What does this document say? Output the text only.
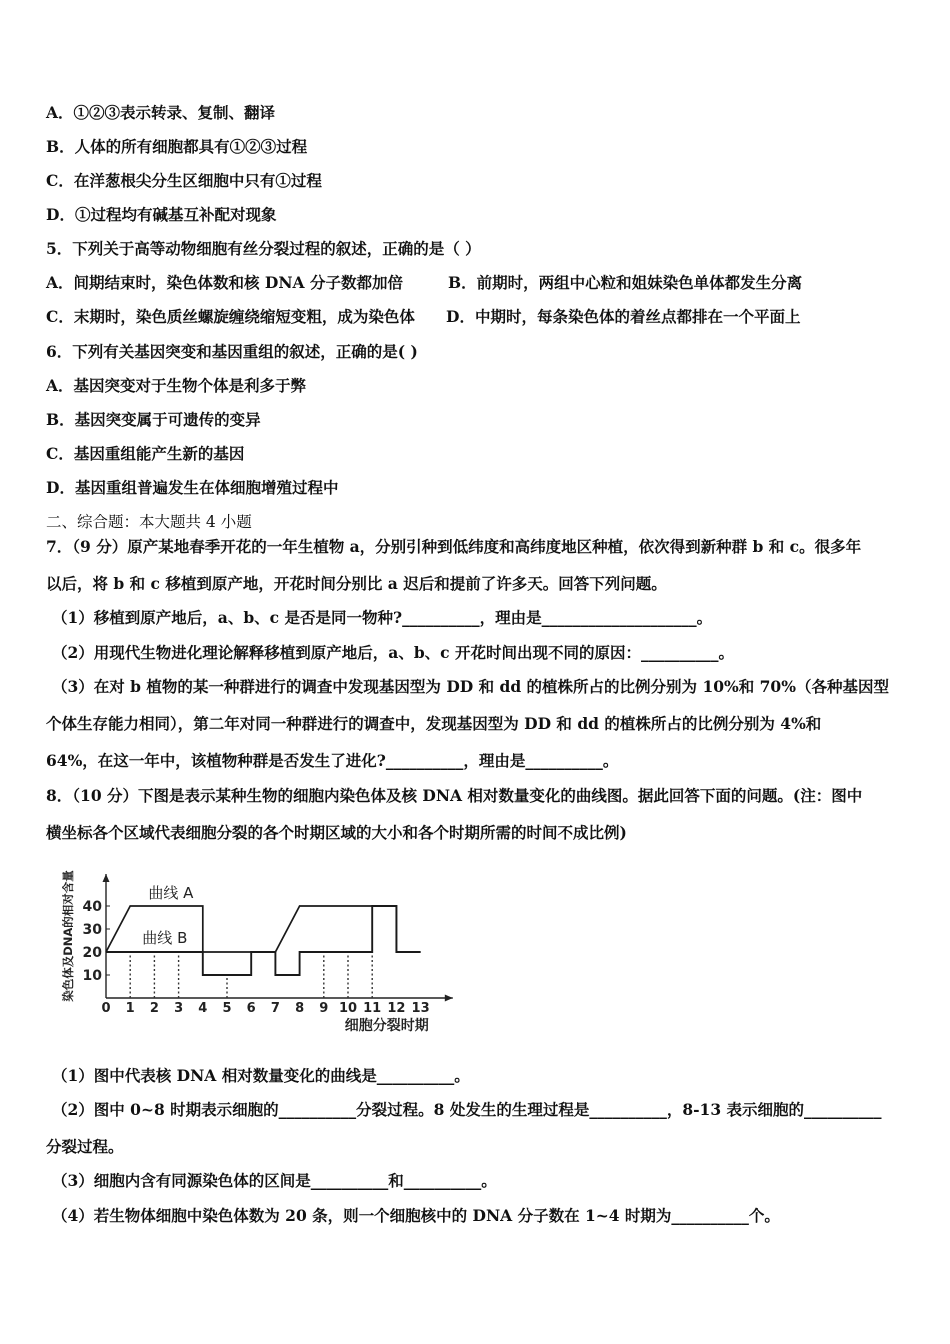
A．①②③表示转录、复制、翻译
B．人体的所有细胞都具有①②③过程
C．在洋葱根尖分生区细胞中只有①过程
D．①过程均有碱基互补配对现象
5．下列关于高等动物细胞有丝分裂过程的叙述，正确的是（ ）
A．间期结束时，染色体数和核 DNA 分子数都加倍	B．前期时，两组中心粒和姐妹染色单体都发生分离
C．末期时，染色质丝螺旋缠绕缩短变粗，成为染色体 D．中期时，每条染色体的着丝点都排在一个平面上
6．下列有关基因突变和基因重组的叙述，正确的是( )
A．基因突变对于生物个体是利多于弊
B．基因突变属于可遗传的变异
C．基因重组能产生新的基因
D．基因重组普遍发生在体细胞增殖过程中
二、综合题：本大题共 4 小题
7．（9 分）原产某地春季开花的一年生植物 a，分别引种到低纬度和高纬度地区种植，依次得到新种群 b 和 c。很多年
以后，将 b 和 c 移植到原产地，开花时间分别比 a 迟后和提前了许多天。回答下列问题。
（1）移植到原产地后，a、b、c 是否是同一物种?__________，理由是____________________。
（2）用现代生物进化理论解释移植到原产地后，a、b、c 开花时间出现不同的原因：__________。
（3）在对 b 植物的某一种群进行的调查中发现基因型为 DD 和 dd 的植株所占的比例分别为 10%和 70%（各种基因型
个体生存能力相同），第二年对同一种群进行的调查中，发现基因型为 DD 和 dd 的植株所占的比例分别为 4%和
64%，在这一年中，该植物种群是否发生了进化?__________，理由是__________。
8．（10 分）下图是表示某种生物的细胞内染色体及核 DNA 相对数量变化的曲线图。据此回答下面的问题。(注：图中
横坐标各个区域代表细胞分裂的各个时期区域的大小和各个时期所需的时间不成比例)
10
20
30
40
0 1 2 3 4 5 6 7 8 9 10 11 12 13
曲线 A
曲线 B
染色体及DNA的相对含量
细胞分裂时期
（1）图中代表核 DNA 相对数量变化的曲线是__________。
（2）图中 0~8 时期表示细胞的__________分裂过程。8 处发生的生理过程是__________，8-13 表示细胞的__________
分裂过程。
（3）细胞内含有同源染色体的区间是__________和__________。
（4）若生物体细胞中染色体数为 20 条，则一个细胞核中的 DNA 分子数在 1~4 时期为__________个。
